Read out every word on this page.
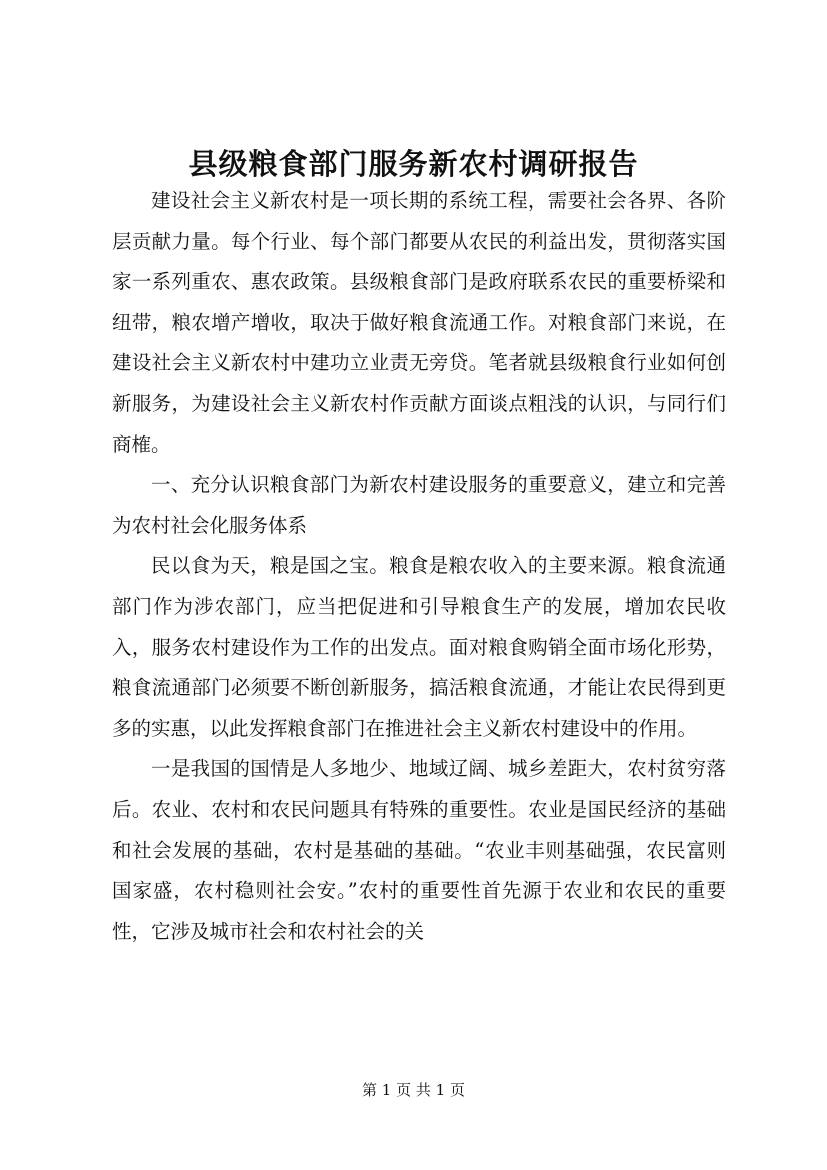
县级粮食部门服务新农村调研报告

建设社会主义新农村是一项长期的系统工程，需要社会各界、各阶层贡献力量。每个行业、每个部门都要从农民的利益出发，贯彻落实国家一系列重农、惠农政策。县级粮食部门是政府联系农民的重要桥梁和纽带，粮农增产增收，取决于做好粮食流通工作。对粮食部门来说，在建设社会主义新农村中建功立业责无旁贷。笔者就县级粮食行业如何创新服务，为建设社会主义新农村作贡献方面谈点粗浅的认识，与同行们商榷。

一、充分认识粮食部门为新农村建设服务的重要意义，建立和完善为农村社会化服务体系

民以食为天，粮是国之宝。粮食是粮农收入的主要来源。粮食流通部门作为涉农部门，应当把促进和引导粮食生产的发展，增加农民收入，服务农村建设作为工作的出发点。面对粮食购销全面市场化形势，粮食流通部门必须要不断创新服务，搞活粮食流通，才能让农民得到更多的实惠，以此发挥粮食部门在推进社会主义新农村建设中的作用。

一是我国的国情是人多地少、地域辽阔、城乡差距大，农村贫穷落后。农业、农村和农民问题具有特殊的重要性。农业是国民经济的基础和社会发展的基础，农村是基础的基础。“农业丰则基础强，农民富则国家盛，农村稳则社会安。”农村的重要性首先源于农业和农民的重要性，它涉及城市社会和农村社会的关

第 1 页 共 1 页
